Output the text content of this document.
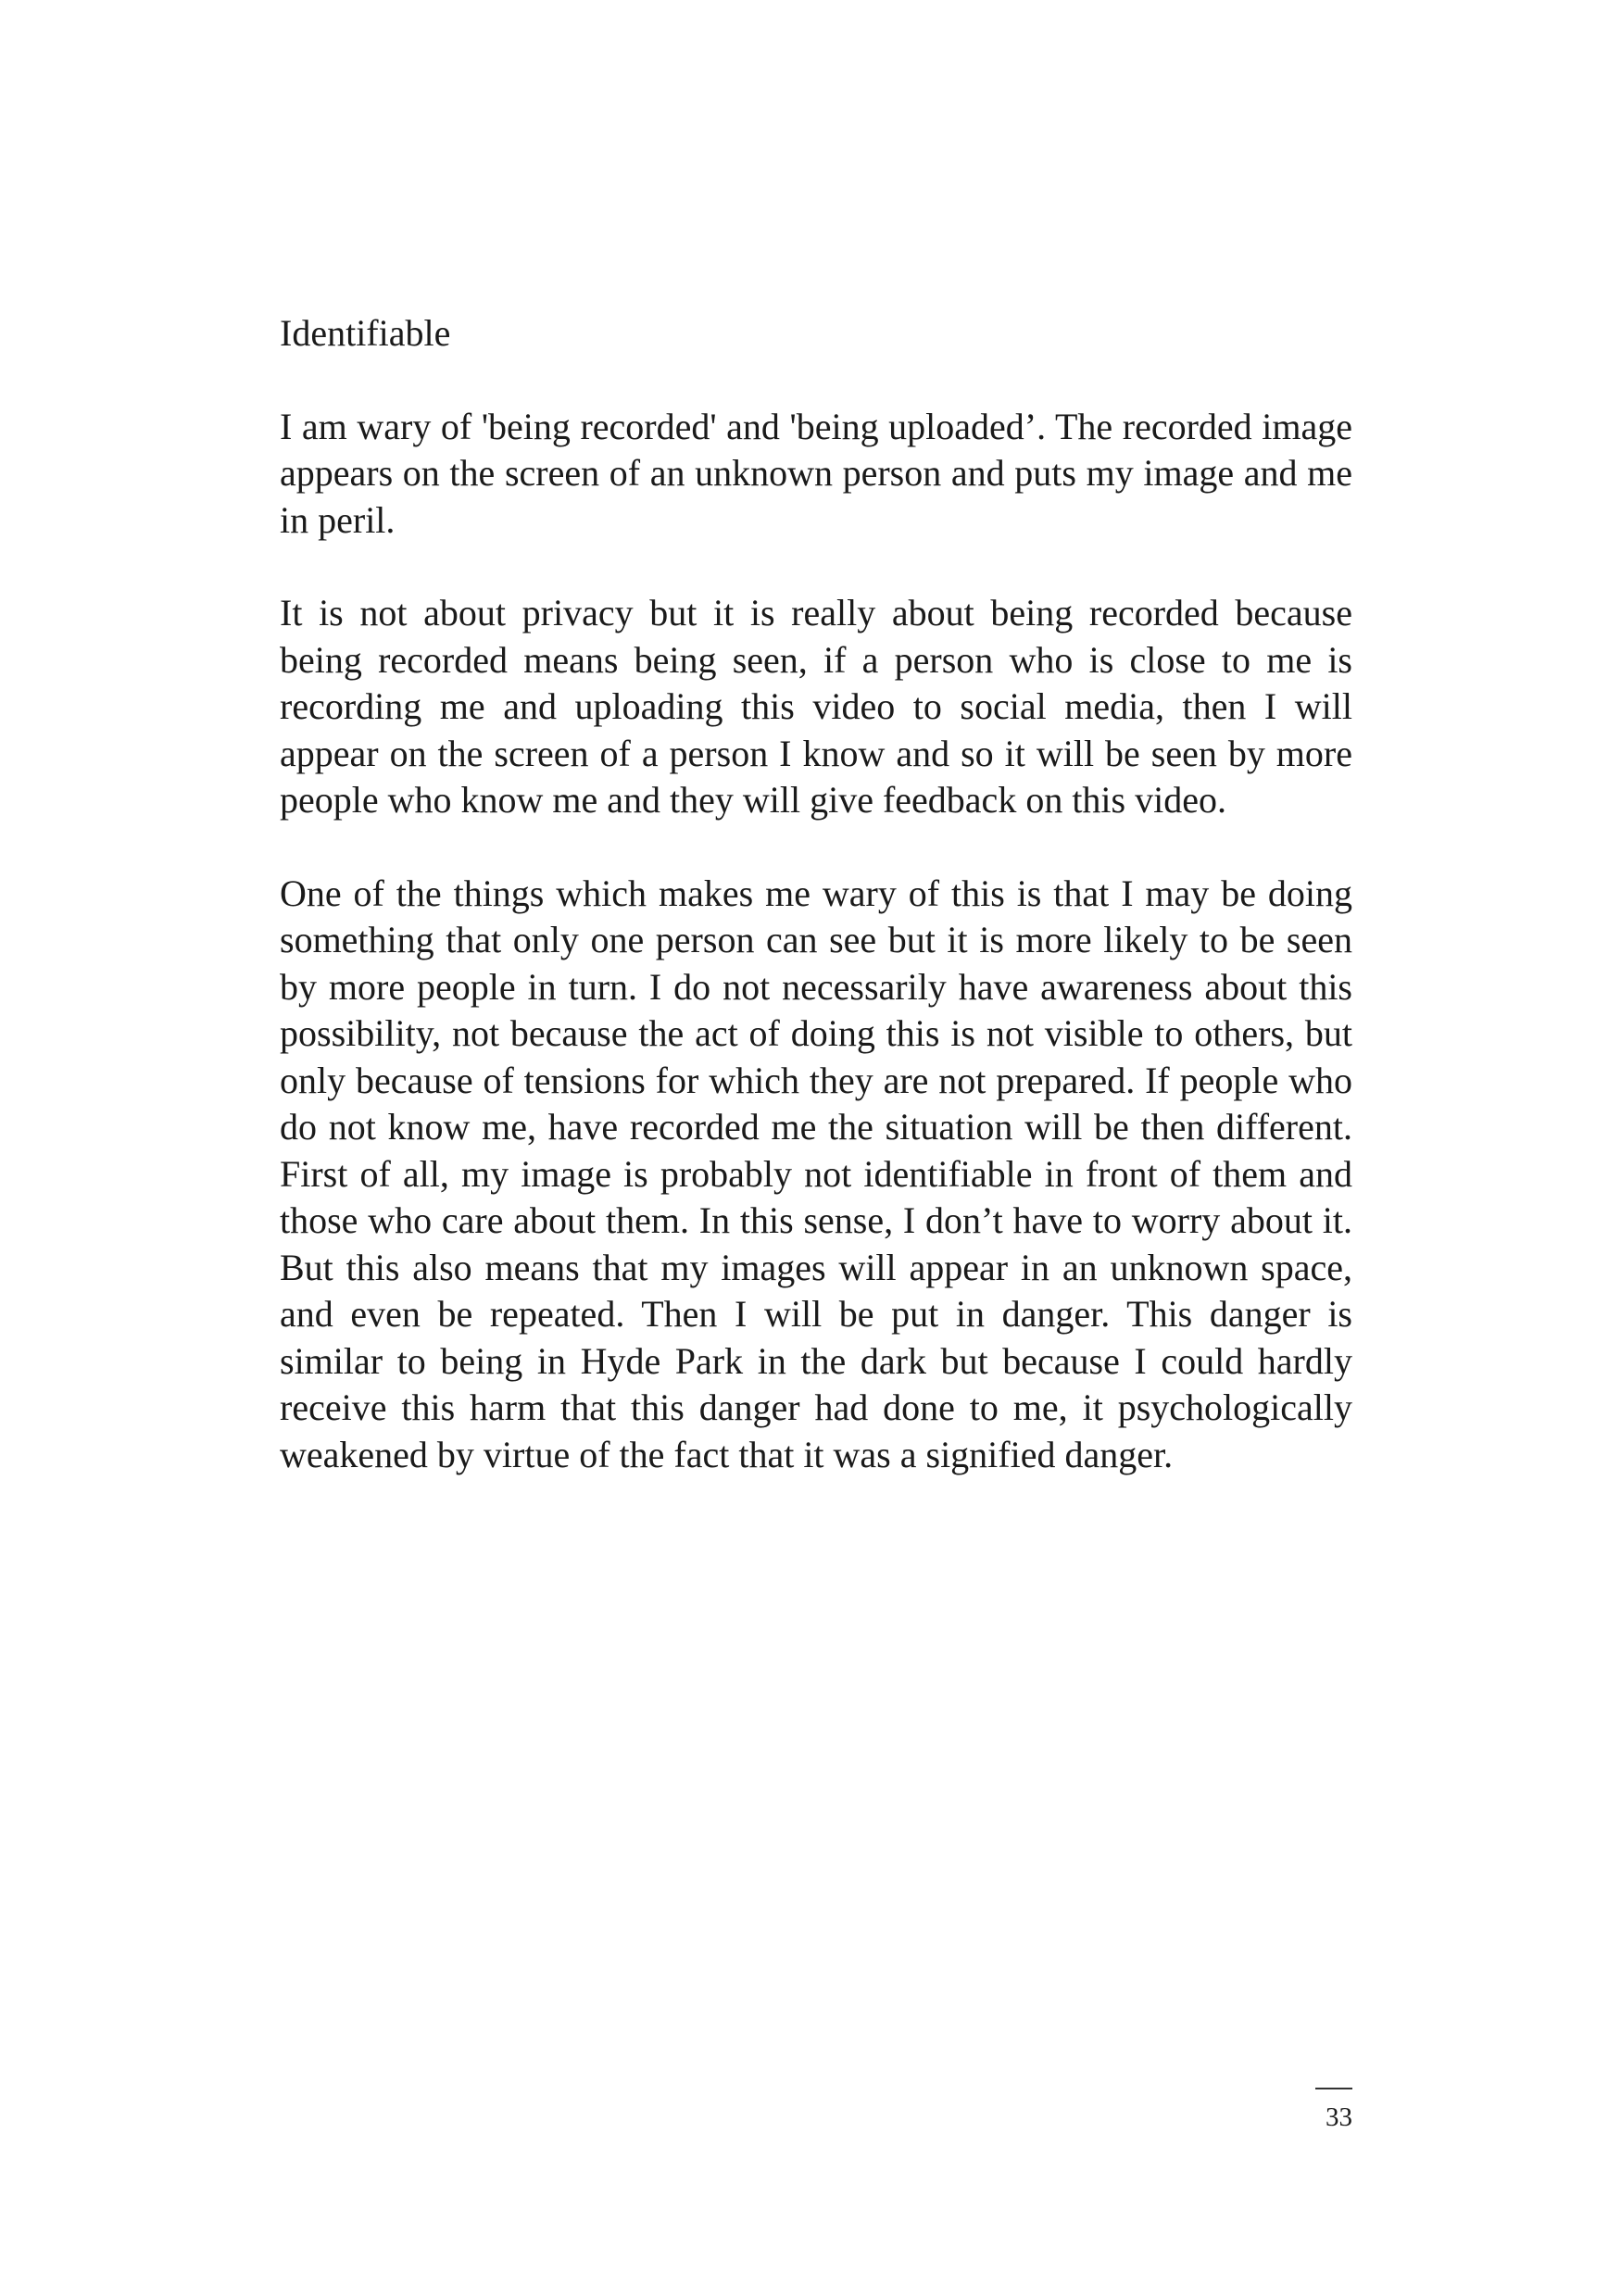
Identifiable

I am wary of 'being recorded' and 'being uploaded’. The recorded image appears on the screen of an unknown person and puts my image and me in peril.

It is not about privacy but it is really about being recorded because being recorded means being seen, if a person who is close to me is recording me and uploading this video to social media, then I will appear on the screen of a person I know and so it will be seen by more people who know me and they will give feedback on this video.

One of the things which makes me wary of this is that I may be doing something that only one person can see but it is more likely to be seen by more people in turn. I do not necessarily have awareness about this possibility, not because the act of doing this is not visible to others, but only because of tensions for which they are not prepared. If people who do not know me, have recorded me the situation will be then different. First of all, my image is probably not identifiable in front of them and those who care about them. In this sense, I don’t have to worry about it. But this also means that my images will appear in an unknown space, and even be repeated. Then I will be put in danger. This danger is similar to being in Hyde Park in the dark but because I could hardly receive this harm that this danger had done to me, it psychologically weakened by virtue of the fact that it was a signified danger.

33
